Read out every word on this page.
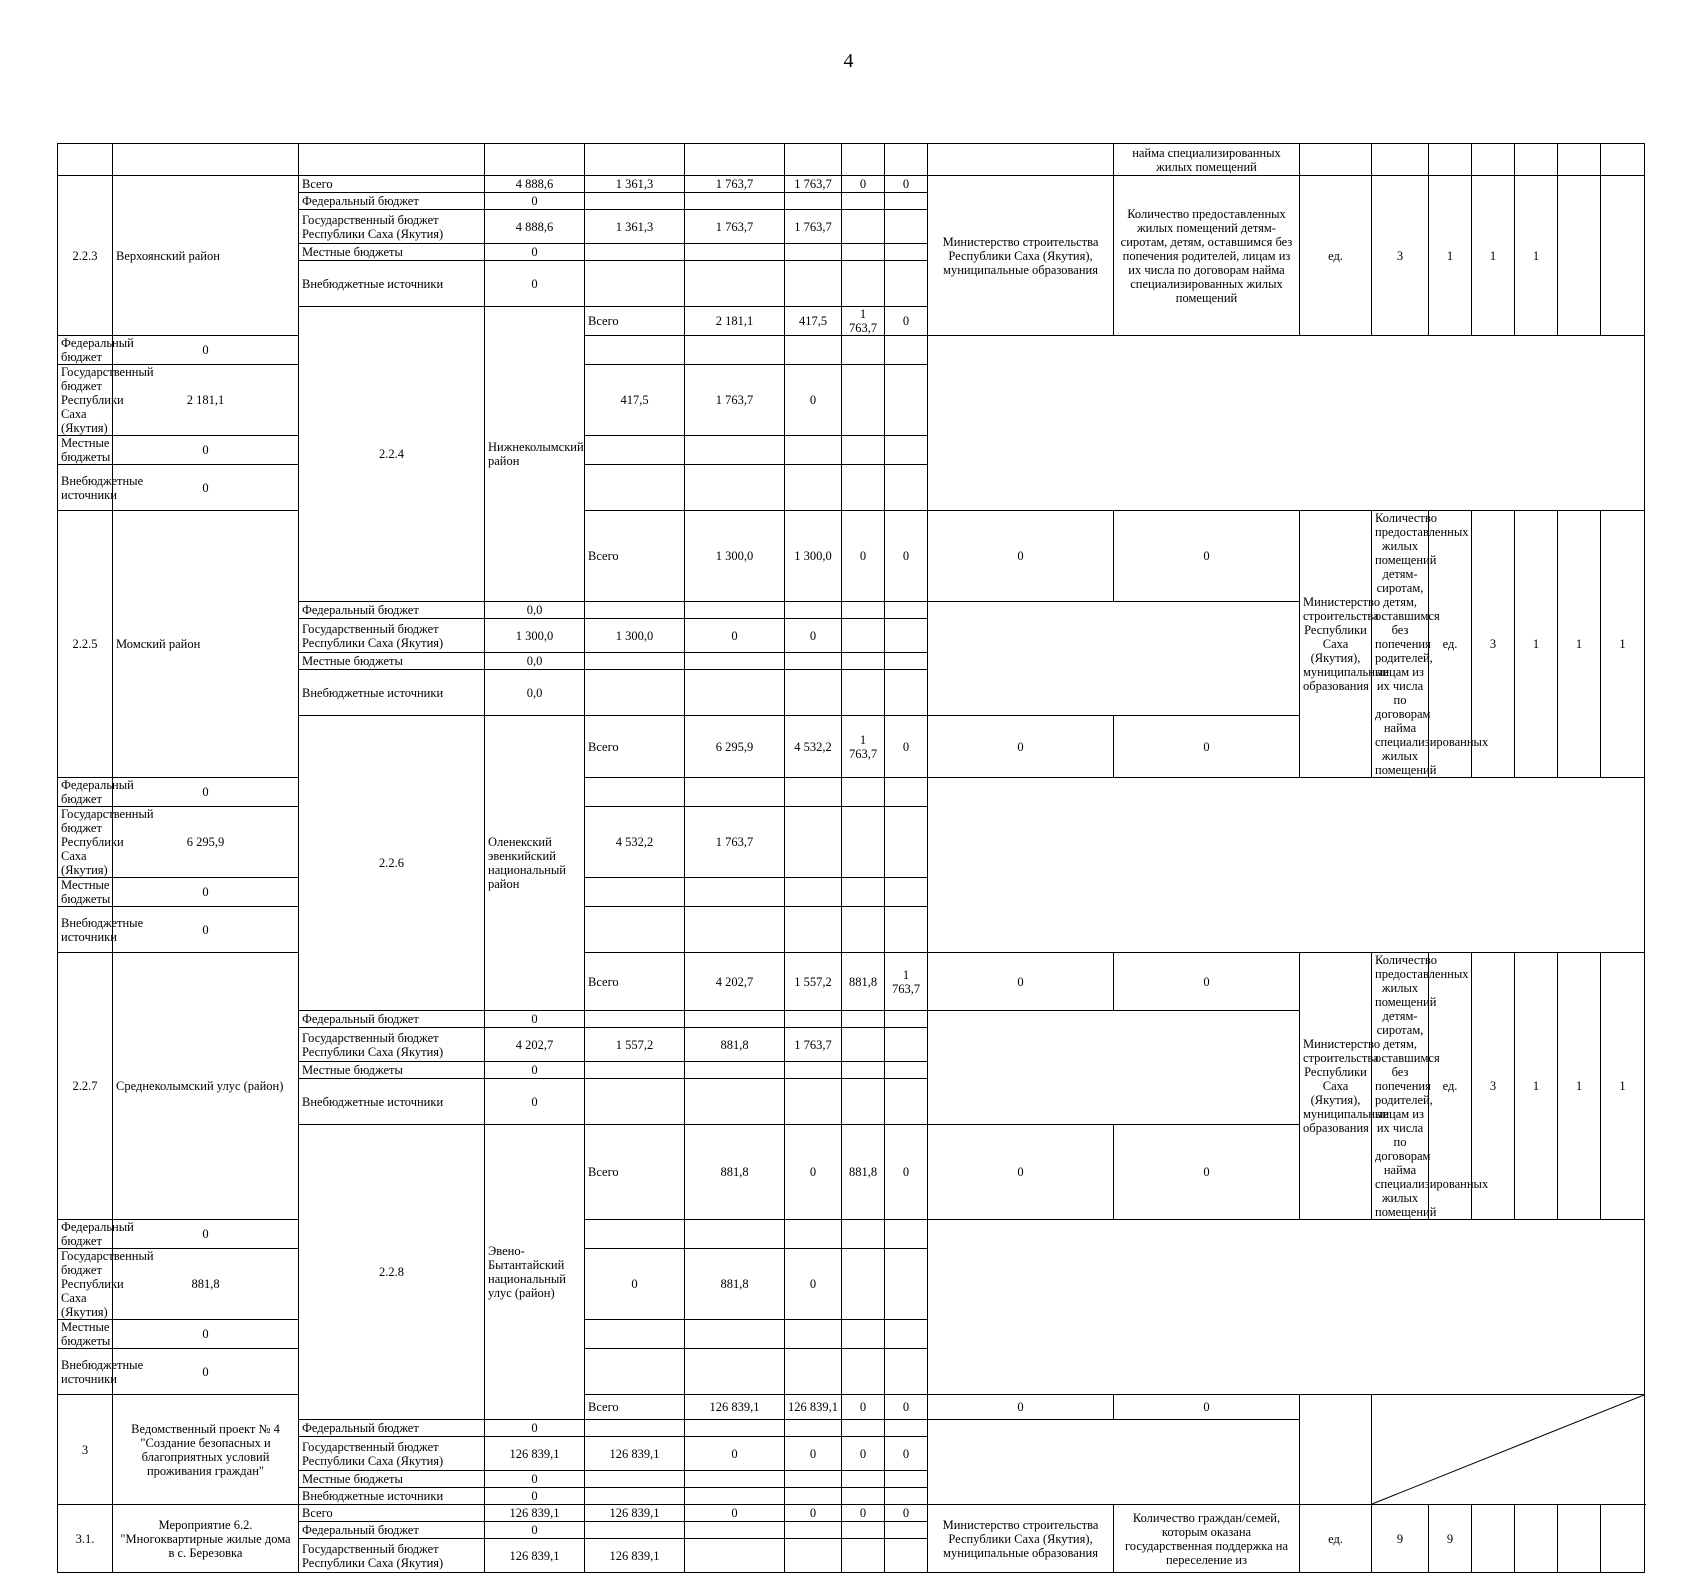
4
										найма специализированных жилых помещений								
2.2.3	Верхоянский район	Всего	4 888,6	1 361,3	1 763,7	1 763,7	0	0	Министерство строительства Республики Саха (Якутия), муниципальные образования	Количество предоставленных жилых помещений детям-сиротам, детям, оставшимся без попечения родителей, лицам из их числа по договорам найма специализированных жилых помещений	ед.	3	1	1	1			
		Федеральный бюджет	0															
		Государственный бюджет Республики Саха (Якутия)	4 888,6	1 361,3	1 763,7	1 763,7												
		Местные бюджеты	0															
		Внебюджетные источники	0															
		2.2.4	Нижнеколымский район	Всего	2 181,1	417,5	1 763,7	0											
Федеральный бюджет	0																	
Государственный бюджет Республики Саха (Якутия)	2 181,1			417,5	1 763,7	0												
Местные бюджеты	0																	
Внебюджетные источники	0																	
2.2.5	Момский район			Всего	1 300,0	1 300,0	0	0	0	0	Министерство строительства Республики Саха (Якутия), муниципальные образования	Количество предоставленных жилых помещений детям-сиротам, детям, оставшимся без попечения родителей, лицам из их числа по договорам найма специализированных жилых помещений	ед.	3	1	1	1		
		Федеральный бюджет	0,0															
		Государственный бюджет Республики Саха (Якутия)	1 300,0	1 300,0	0	0												
		Местные бюджеты	0,0															
		Внебюджетные источники	0,0															
		2.2.6	Оленекский эвенкийский национальный район	Всего	6 295,9	4 532,2	1 763,7	0	0	0									
Федеральный бюджет	0																	
Государственный бюджет Республики Саха (Якутия)	6 295,9			4 532,2	1 763,7													
Местные бюджеты	0																	
Внебюджетные источники	0																	
2.2.7	Среднеколымский улус (район)			Всего	4 202,7	1 557,2	881,8	1 763,7	0	0	Министерство строительства Республики Саха (Якутия), муниципальные образования	Количество предоставленных жилых помещений детям-сиротам, детям, оставшимся без попечения родителей, лицам из их числа по договорам найма специализированных жилых помещений	ед.	3	1	1	1		
		Федеральный бюджет	0															
		Государственный бюджет Республики Саха (Якутия)	4 202,7	1 557,2	881,8	1 763,7												
		Местные бюджеты	0															
		Внебюджетные источники	0															
		2.2.8	Эвено-Бытантайский национальный улус (район)	Всего	881,8	0	881,8	0	0	0									
Федеральный бюджет	0																	
Государственный бюджет Республики Саха (Якутия)	881,8			0	881,8	0												
Местные бюджеты	0																	
Внебюджетные источники	0																	
3	Ведомственный проект № 4 "Создание безопасных и благоприятных условий проживания граждан"			Всего	126 839,1	126 839,1	0	0	0	0		

		Федеральный бюджет	0															
		Государственный бюджет Республики Саха (Якутия)	126 839,1	126 839,1	0	0	0	0										
		Местные бюджеты	0															
		Внебюджетные источники	0															
3.1.	Мероприятие 6.2. "Многоквартирные жилые дома в с. Березовка	Всего	126 839,1	126 839,1	0	0	0	0	Министерство строительства Республики Саха (Якутия), муниципальные образования	Количество граждан/семей, которым оказана государственная поддержка на переселение из	ед.	9	9					
		Федеральный бюджет	0															
		Государственный бюджет Республики Саха (Якутия)	126 839,1	126 839,1														
